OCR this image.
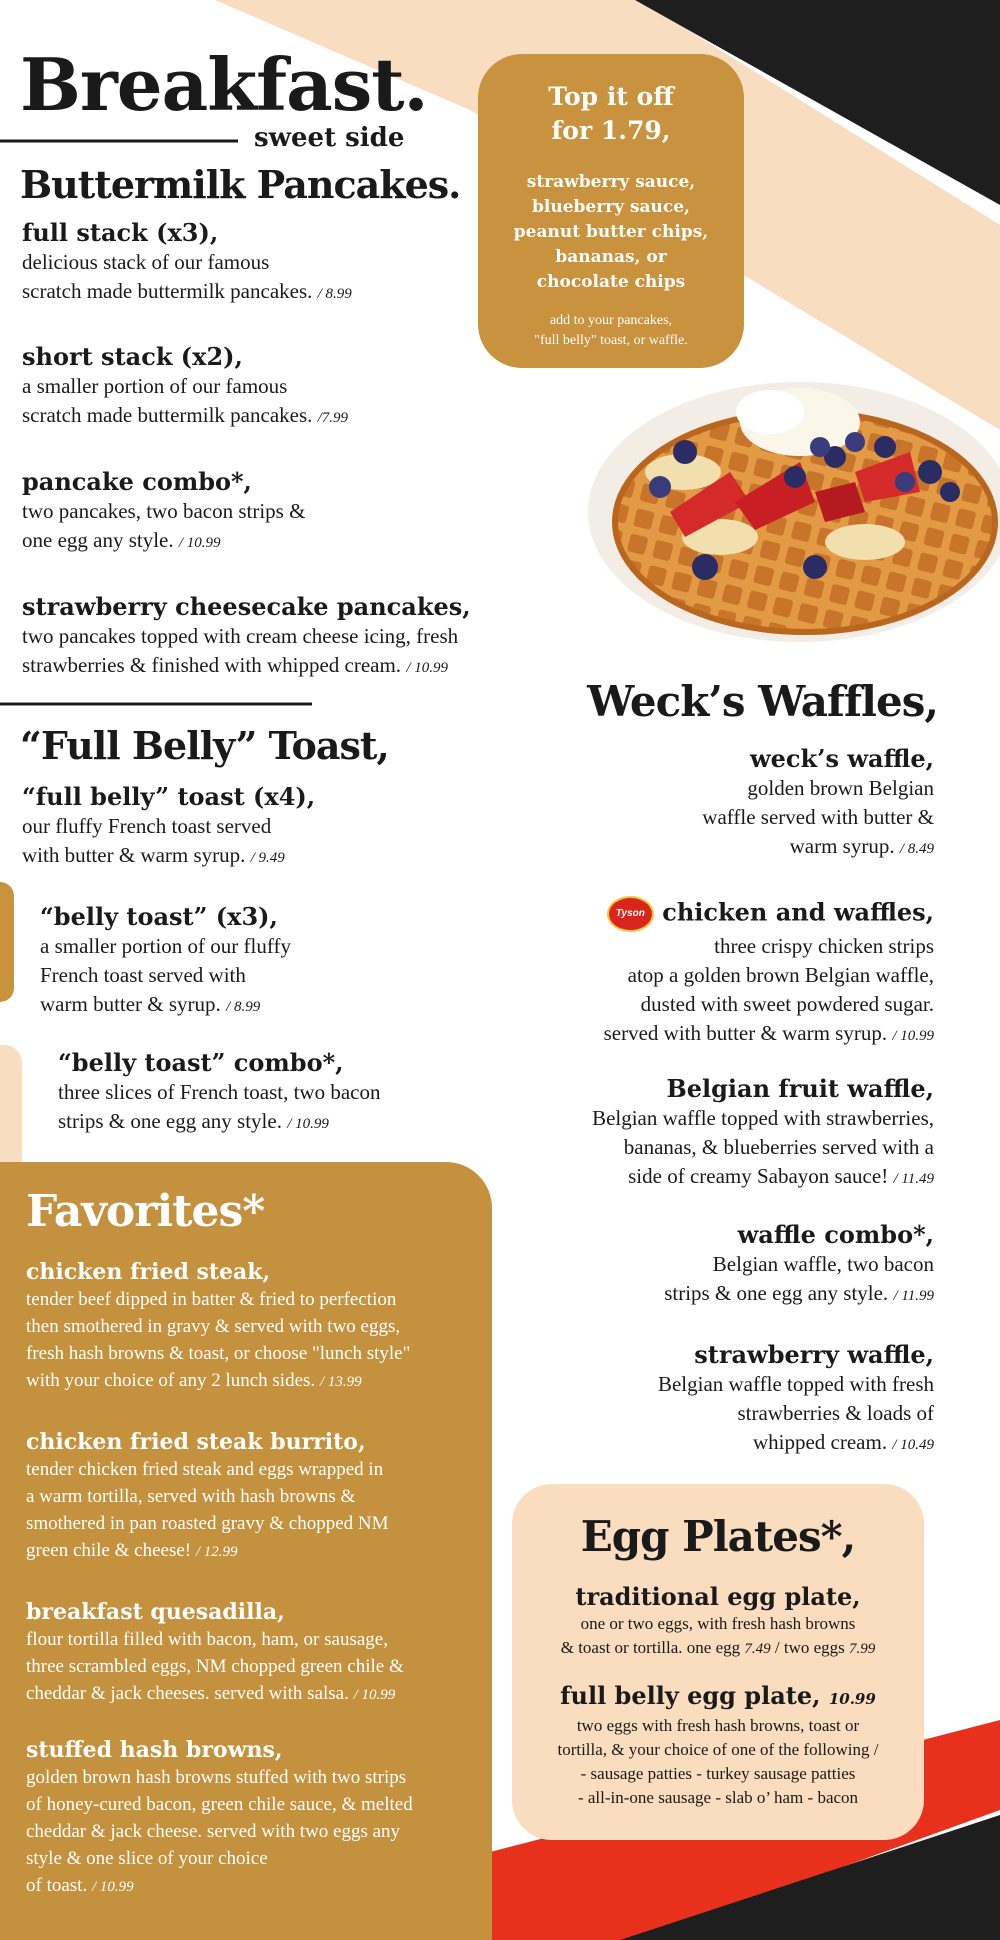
Breakfast.
sweet side
Buttermilk Pancakes.
full stack (x3),
delicious stack of our famous
scratch made buttermilk pancakes. / 8.99
short stack (x2),
a smaller portion of our famous
scratch made buttermilk pancakes. /7.99
pancake combo*,
two pancakes, two bacon strips &
one egg any style. / 10.99
strawberry cheesecake pancakes,
two pancakes topped with cream cheese icing, fresh
strawberries & finished with whipped cream. / 10.99
Top it off
for 1.79,
strawberry sauce,
blueberry sauce,
peanut butter chips,
bananas, or
chocolate chips
add to your pancakes,
"full belly" toast, or waffle.
“Full Belly” Toast,
“full belly” toast (x4),
our fluffy French toast served
with butter & warm syrup. / 9.49
“belly toast” (x3),
a smaller portion of our fluffy
French toast served with
warm butter & syrup. / 8.99
“belly toast” combo*,
three slices of French toast, two bacon
strips & one egg any style. / 10.99
Weck’s Waffles,
weck’s waffle,
golden brown Belgian
waffle served with butter &
warm syrup. / 8.49
Tyson chicken and waffles,
three crispy chicken strips
atop a golden brown Belgian waffle,
dusted with sweet powdered sugar.
served with butter & warm syrup. / 10.99
Belgian fruit waffle,
Belgian waffle topped with strawberries,
bananas, & blueberries served with a
side of creamy Sabayon sauce! / 11.49
waffle combo*,
Belgian waffle, two bacon
strips & one egg any style. / 11.99
strawberry waffle,
Belgian waffle topped with fresh
strawberries & loads of
whipped cream. / 10.49
Favorites*
chicken fried steak,
tender beef dipped in batter & fried to perfection
then smothered in gravy & served with two eggs,
fresh hash browns & toast, or choose "lunch style"
with your choice of any 2 lunch sides. / 13.99
chicken fried steak burrito,
tender chicken fried steak and eggs wrapped in
a warm tortilla, served with hash browns &
smothered in pan roasted gravy & chopped NM
green chile & cheese! / 12.99
breakfast quesadilla,
flour tortilla filled with bacon, ham, or sausage,
three scrambled eggs, NM chopped green chile &
cheddar & jack cheeses. served with salsa. / 10.99
stuffed hash browns,
golden brown hash browns stuffed with two strips
of honey-cured bacon, green chile sauce, & melted
cheddar & jack cheese. served with two eggs any
style & one slice of your choice
of toast. / 10.99
Egg Plates*,
traditional egg plate,
one or two eggs, with fresh hash browns
& toast or tortilla. one egg 7.49 / two eggs 7.99
full belly egg plate, 10.99
two eggs with fresh hash browns, toast or
tortilla, & your choice of one of the following /
- sausage patties - turkey sausage patties
- all-in-one sausage - slab o’ ham - bacon
